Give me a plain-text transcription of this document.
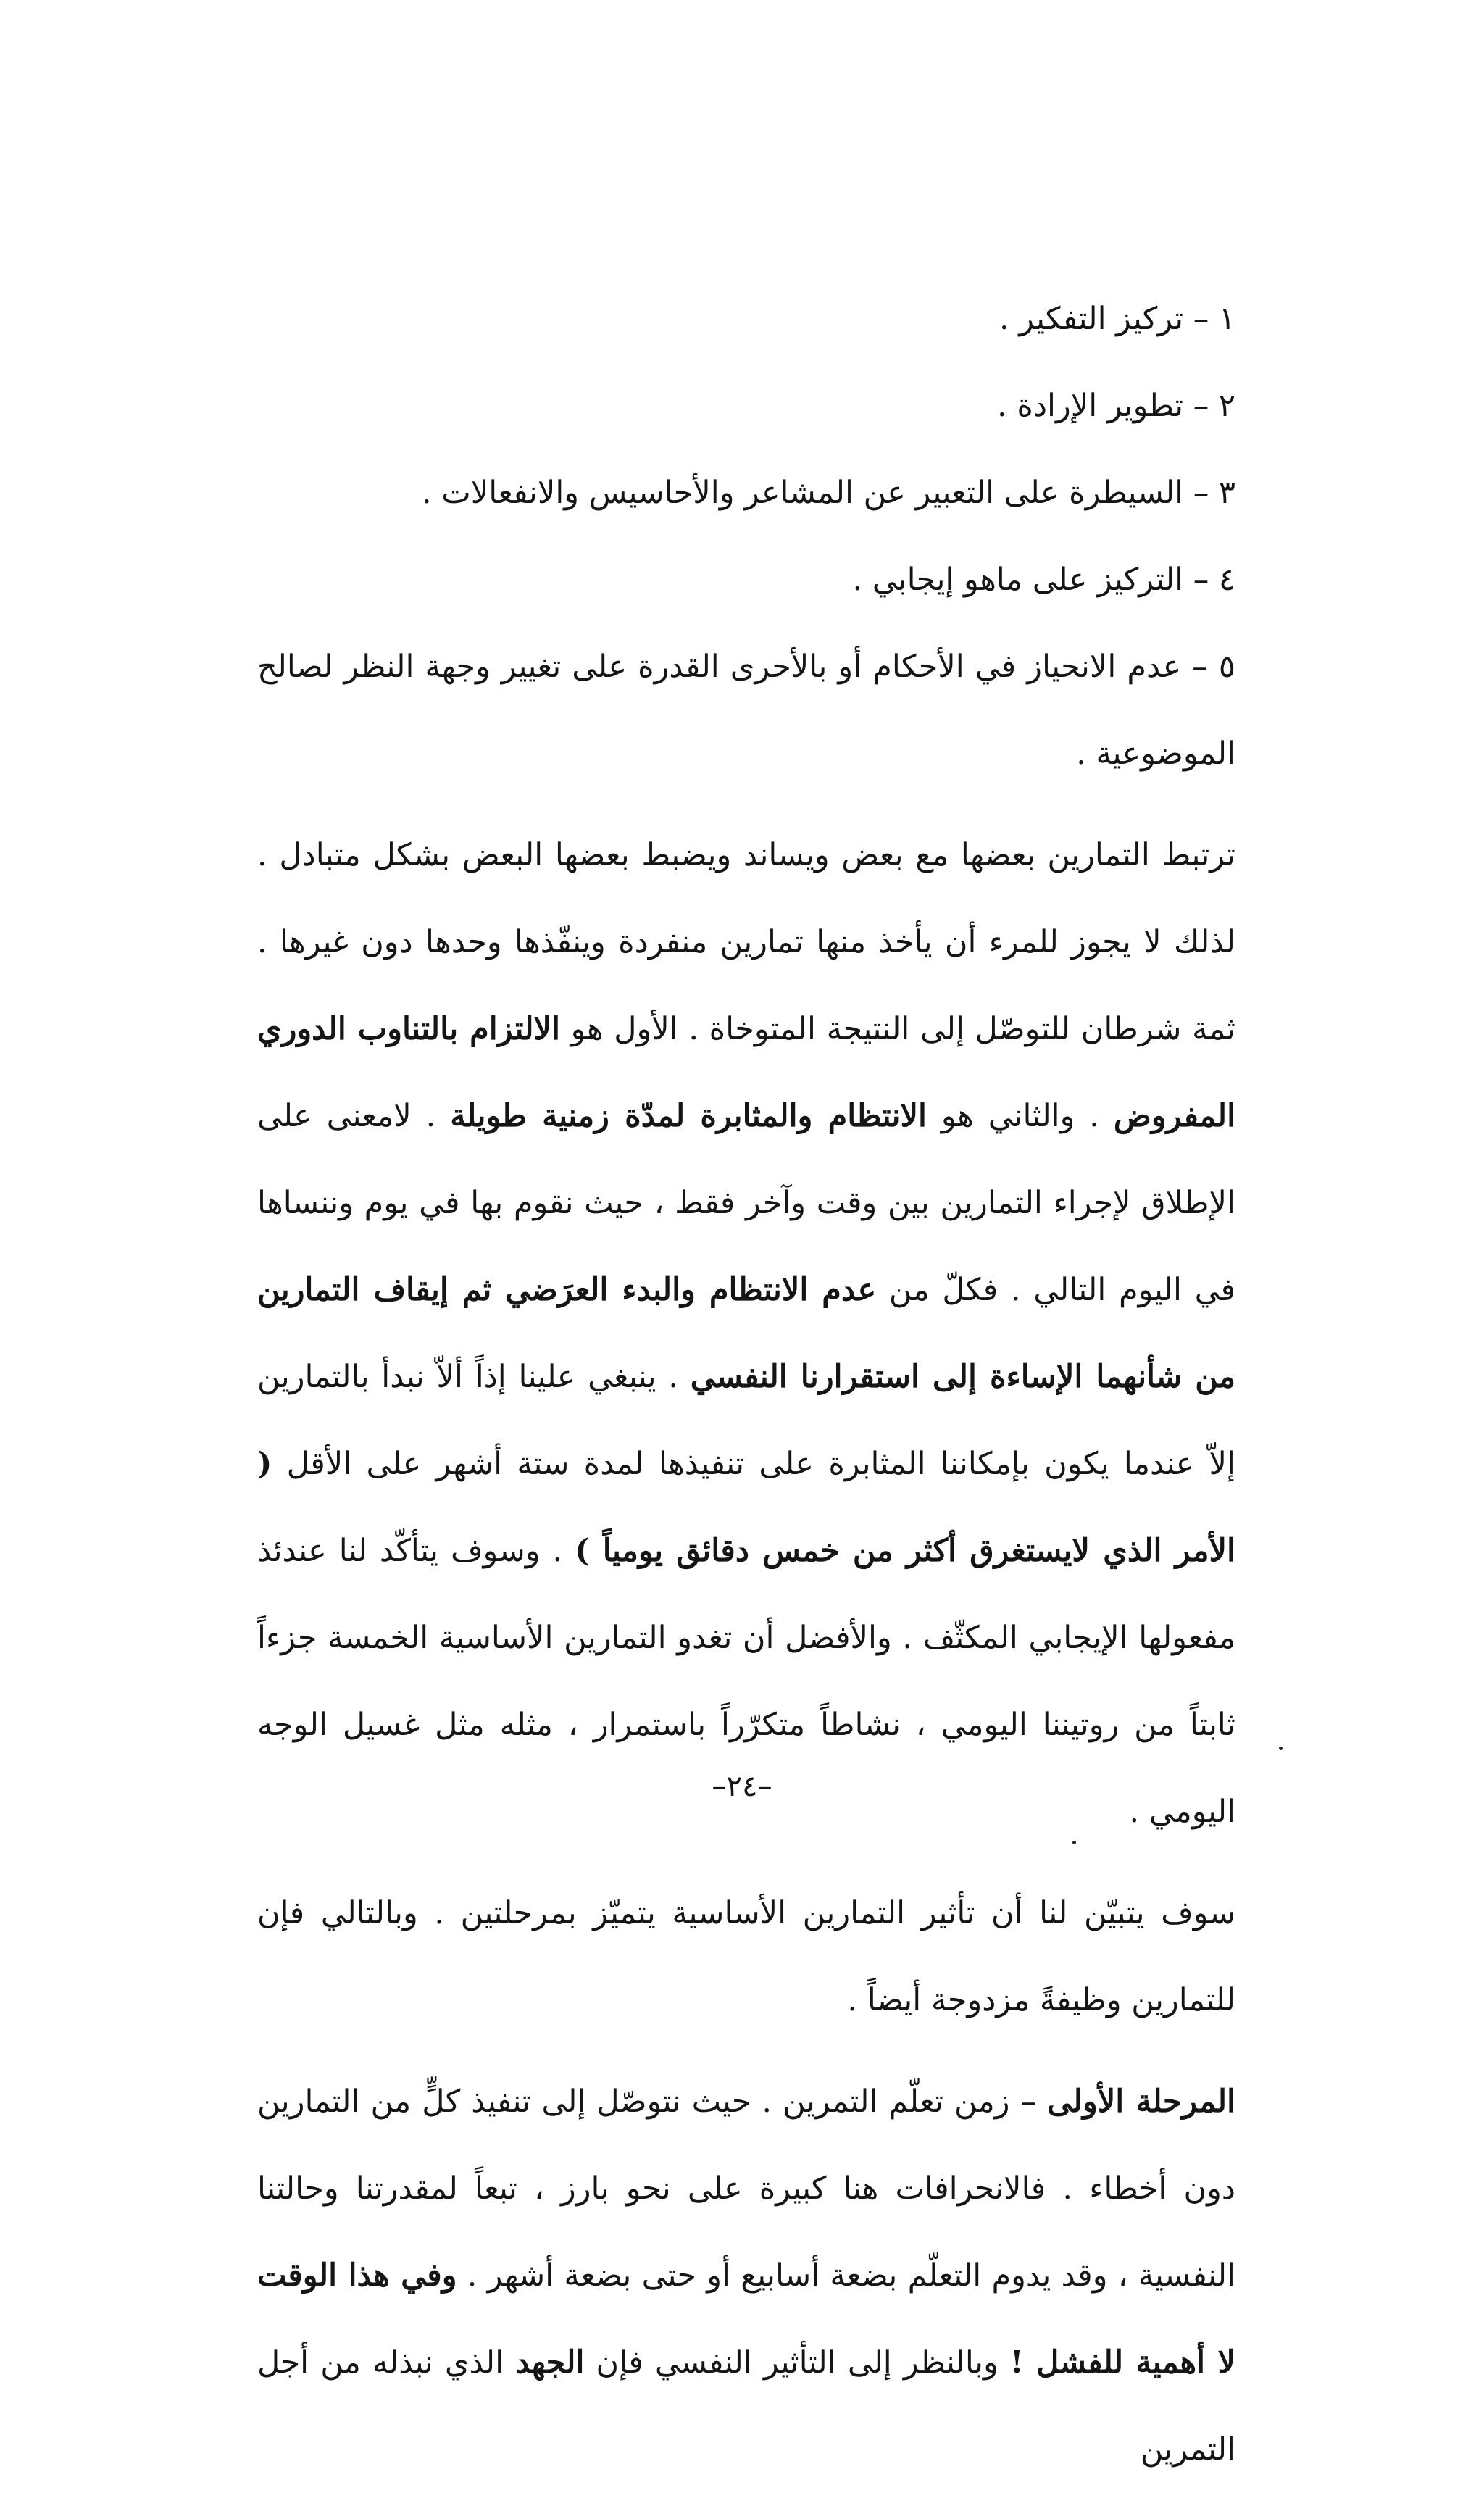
١ – تركيز التفكير .
٢ – تطوير الإرادة .
٣ – السيطرة على التعبير عن المشاعر والأحاسيس والانفعالات .
٤ – التركيز على ماهو إيجابي .
٥ – عدم الانحياز في الأحكام أو بالأحرى القدرة على تغيير وجهة النظر لصالح الموضوعية .

ترتبط التمارين بعضها مع بعض ويساند ويضبط بعضها البعض بشكل متبادل . لذلك لا يجوز للمرء أن يأخذ منها تمارين منفردة وينفّذها وحدها دون غيرها . ثمة شرطان للتوصّل إلى النتيجة المتوخاة . الأول هو الالتزام بالتناوب الدوري المفروض . والثاني هو الانتظام والمثابرة لمدّة زمنية طويلة . لامعنى على الإطلاق لإجراء التمارين بين وقت وآخر فقط ، حيث نقوم بها في يوم وننساها في اليوم التالي . فكلّ من عدم الانتظام والبدء العرَضي ثم إيقاف التمارين من شأنهما الإساءة إلى استقرارنا النفسي . ينبغي علينا إذاً ألاّ نبدأ بالتمارين إلاّ عندما يكون بإمكاننا المثابرة على تنفيذها لمدة ستة أشهر على الأقل ( الأمر الذي لايستغرق أكثر من خمس دقائق يومياً ) . وسوف يتأكّد لنا عندئذ مفعولها الإيجابي المكثّف . والأفضل أن تغدو التمارين الأساسية الخمسة جزءاً ثابتاً من روتيننا اليومي ، نشاطاً متكرّراً باستمرار ، مثله مثل غسيل الوجه اليومي .

سوف يتبيّن لنا أن تأثير التمارين الأساسية يتميّز بمرحلتين . وبالتالي فإن للتمارين وظيفةً مزدوجة أيضاً .

المرحلة الأولى – زمن تعلّم التمرين . حيث نتوصّل إلى تنفيذ كلٍّ من التمارين دون أخطاء . فالانحرافات هنا كبيرة على نحو بارز ، تبعاً لمقدرتنا وحالتنا النفسية ، وقد يدوم التعلّم بضعة أسابيع أو حتى بضعة أشهر . وفي هذا الوقت لا أهمية للفشل ! وبالنظر إلى التأثير النفسي فإن الجهد الذي نبذله من أجل التمرين

–٢٤–
